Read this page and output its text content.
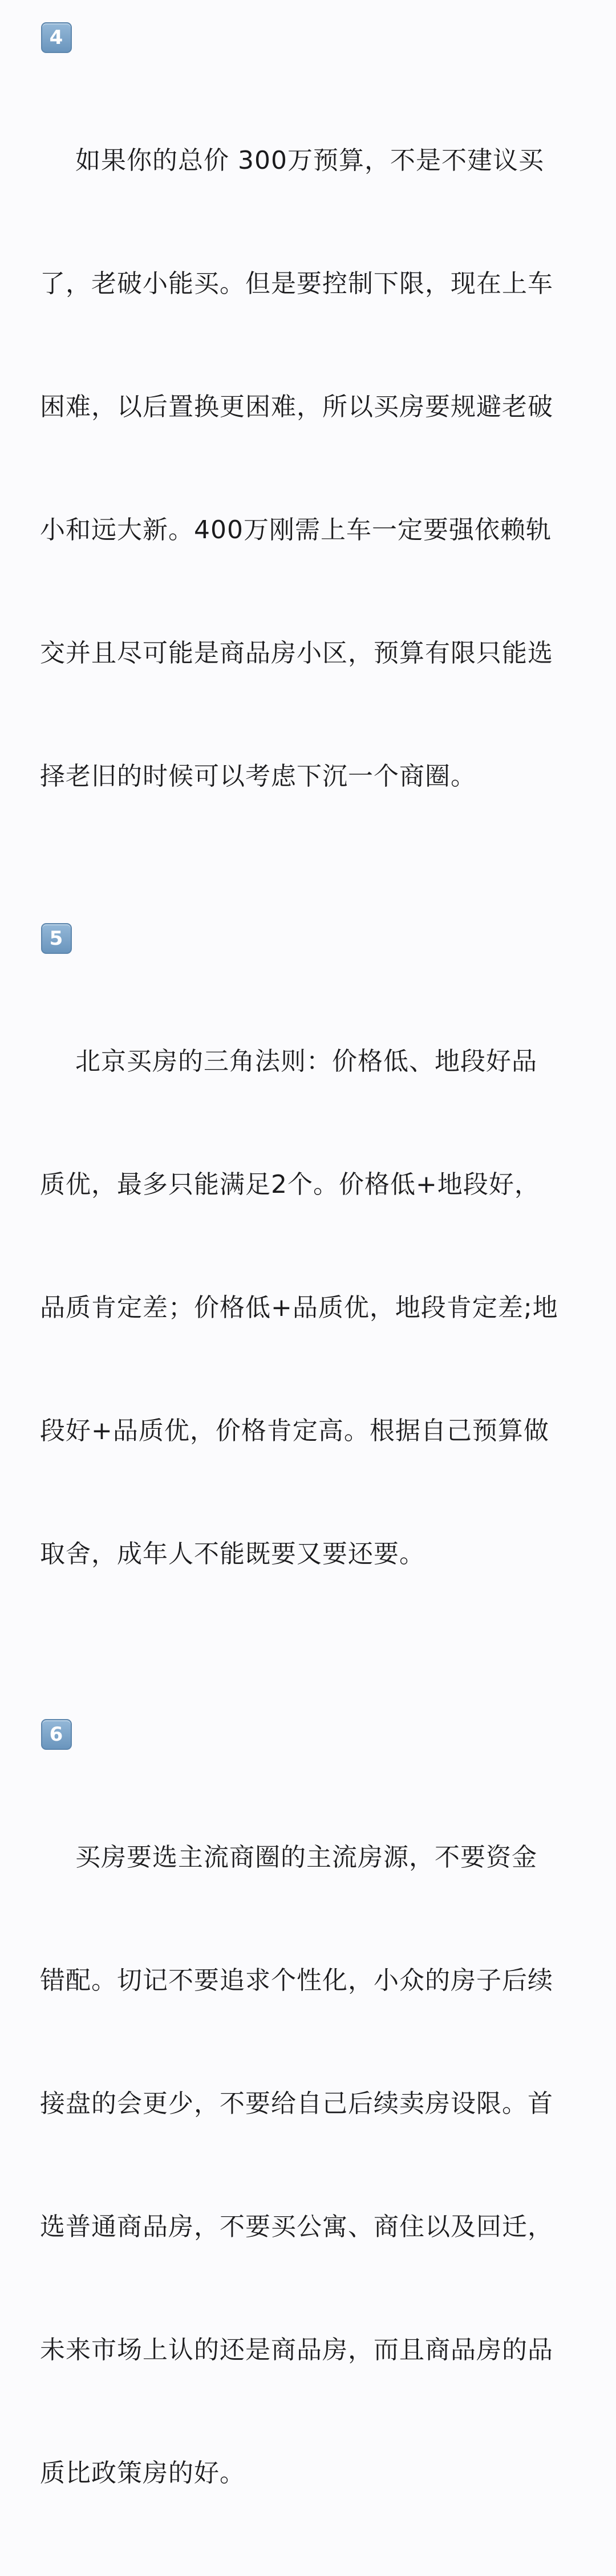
4

如果你的总价 300万预算，不是不建议买

了，老破小能买。但是要控制下限，现在上车

困难，以后置换更困难，所以买房要规避老破

小和远大新。400万刚需上车一定要强依赖轨

交并且尽可能是商品房小区，预算有限只能选

择老旧的时候可以考虑下沉一个商圈。

5

北京买房的三角法则：价格低、地段好品

质优，最多只能满足2个。价格低+地段好，

品质肯定差；价格低+品质优，地段肯定差;地

段好+品质优，价格肯定高。根据自己预算做

取舍，成年人不能既要又要还要。

6

买房要选主流商圈的主流房源，不要资金

错配。切记不要追求个性化，小众的房子后续

接盘的会更少，不要给自己后续卖房设限。首

选普通商品房，不要买公寓、商住以及回迁，

未来市场上认的还是商品房，而且商品房的品

质比政策房的好。
